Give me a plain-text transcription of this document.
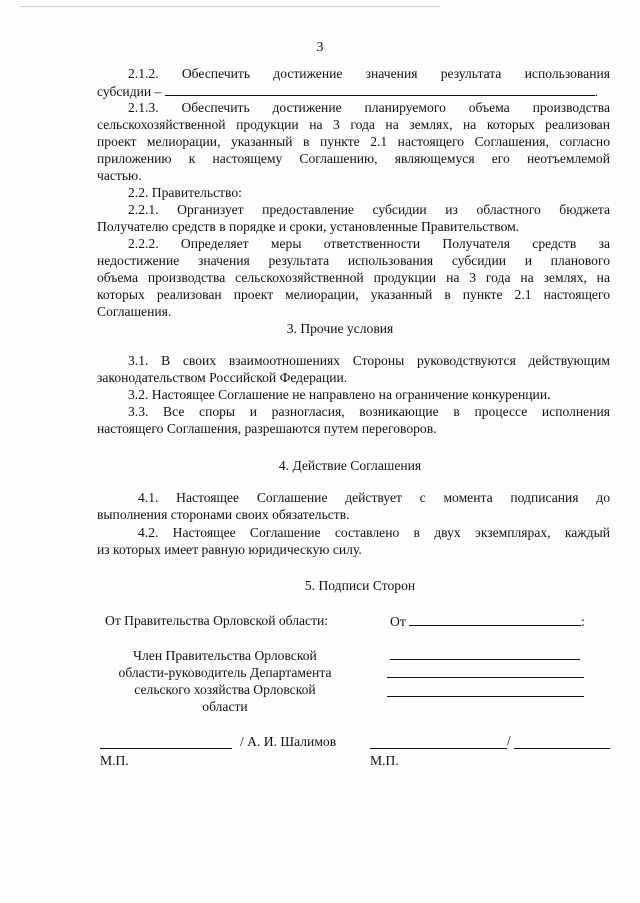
3
2.1.2. Обеспечить достижение значения результата использования
субсидии –	.
2.1.3. Обеспечить достижение планируемого объема производства
сельскохозяйственной продукции на 3 года на землях, на которых реализован
проект мелиорации, указанный в пункте 2.1 настоящего Соглашения, согласно
приложению к настоящему Соглашению, являющемуся его неотъемлемой
частью.
2.2. Правительство:
2.2.1. Организует предоставление субсидии из областного бюджета
Получателю средств в порядке и сроки, установленные Правительством.
2.2.2. Определяет меры ответственности Получателя средств за
недостижение значения результата использования субсидии и планового
объема производства сельскохозяйственной продукции на 3 года на землях, на
которых реализован проект мелиорации, указанный в пункте 2.1 настоящего
Соглашения.
3. Прочие условия
3.1. В своих взаимоотношениях Стороны руководствуются действующим
законодательством Российской Федерации.
3.2. Настоящее Соглашение не направлено на ограничение конкуренции.
3.3. Все споры и разногласия, возникающие в процессе исполнения
настоящего Соглашения, разрешаются путем переговоров.
4. Действие Соглашения
4.1. Настоящее Соглашение действует с момента подписания до
выполнения сторонами своих обязательств.
4.2. Настоящее Соглашение составлено в двух экземплярах, каждый
из которых имеет равную юридическую силу.
5. Подписи Сторон
От Правительства Орловской области:	От	:
Член Правительства Орловской
области-руководитель Департамента
сельского хозяйства Орловской
области
/ А. И. Шалимов	/
М.П.	М.П.
